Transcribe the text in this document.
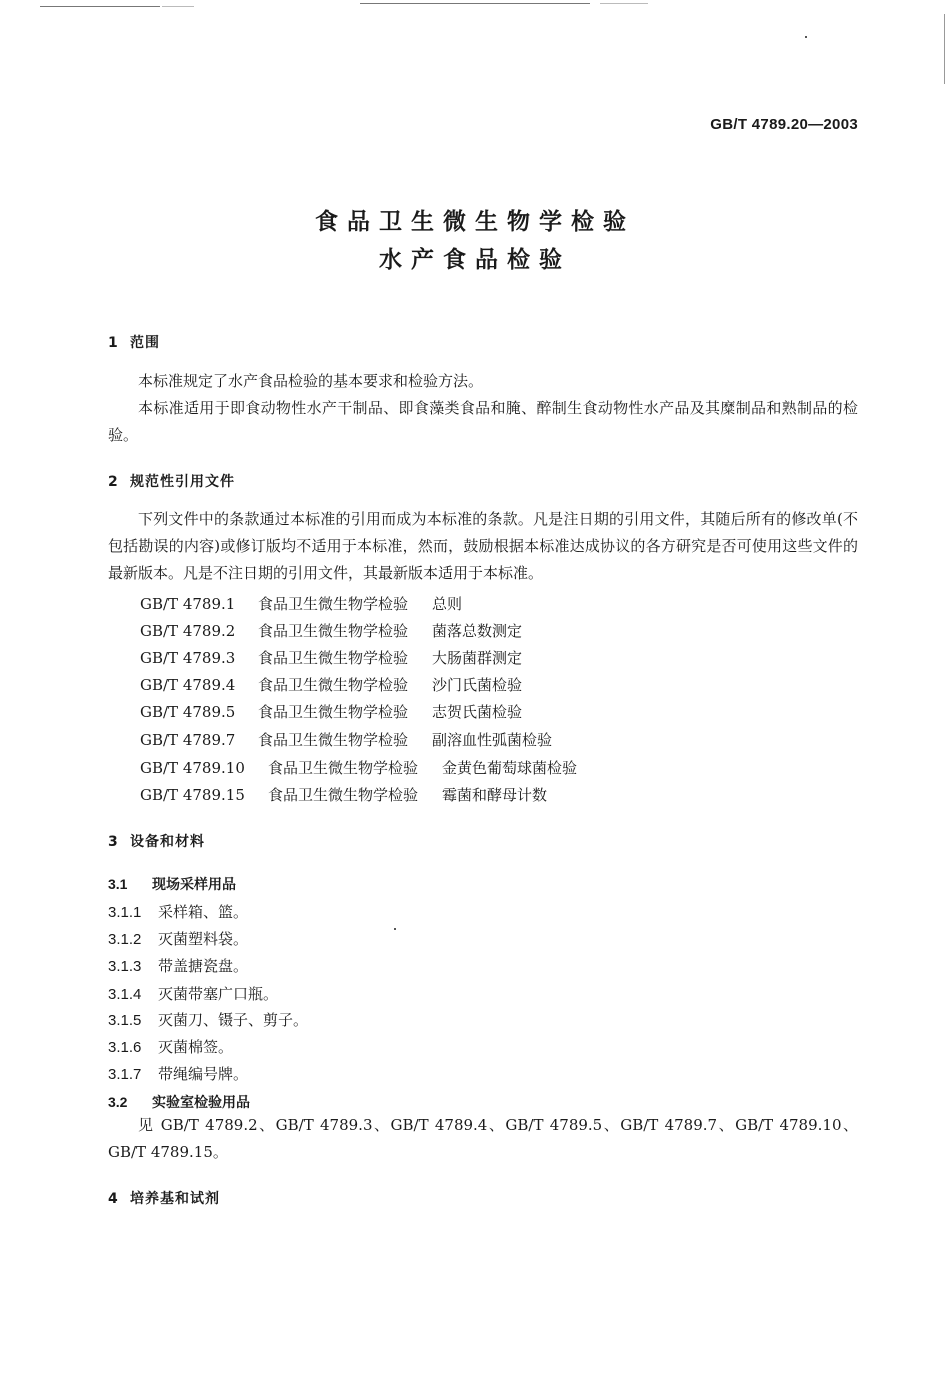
GB/T 4789.20—2003
食品卫生微生物学检验
水产食品检验
1 范围

本标准规定了水产食品检验的基本要求和检验方法。

本标准适用于即食动物性水产干制品、即食藻类食品和腌、醉制生食动物性水产品及其糜制品和熟制品的检验。

2 规范性引用文件

下列文件中的条款通过本标准的引用而成为本标准的条款。凡是注日期的引用文件，其随后所有的修改单(不包括勘误的内容)或修订版均不适用于本标准，然而，鼓励根据本标准达成协议的各方研究是否可使用这些文件的最新版本。凡是不注日期的引用文件，其最新版本适用于本标准。

GB/T 4789.1 食品卫生微生物学检验 总则
GB/T 4789.2 食品卫生微生物学检验 菌落总数测定
GB/T 4789.3 食品卫生微生物学检验 大肠菌群测定
GB/T 4789.4 食品卫生微生物学检验 沙门氏菌检验
GB/T 4789.5 食品卫生微生物学检验 志贺氏菌检验
GB/T 4789.7 食品卫生微生物学检验 副溶血性弧菌检验
GB/T 4789.10 食品卫生微生物学检验 金黄色葡萄球菌检验
GB/T 4789.15 食品卫生微生物学检验 霉菌和酵母计数
3 设备和材料
3.1 现场采样用品
3.1.1 采样箱、篮。
3.1.2 灭菌塑料袋。
3.1.3 带盖搪瓷盘。
3.1.4 灭菌带塞广口瓶。
3.1.5 灭菌刀、镊子、剪子。
3.1.6 灭菌棉签。
3.1.7 带绳编号牌。
3.2 实验室检验用品

见 GB/T 4789.2、GB/T 4789.3、GB/T 4789.4、GB/T 4789.5、GB/T 4789.7、GB/T 4789.10、GB/T 4789.15。

4 培养基和试剂
